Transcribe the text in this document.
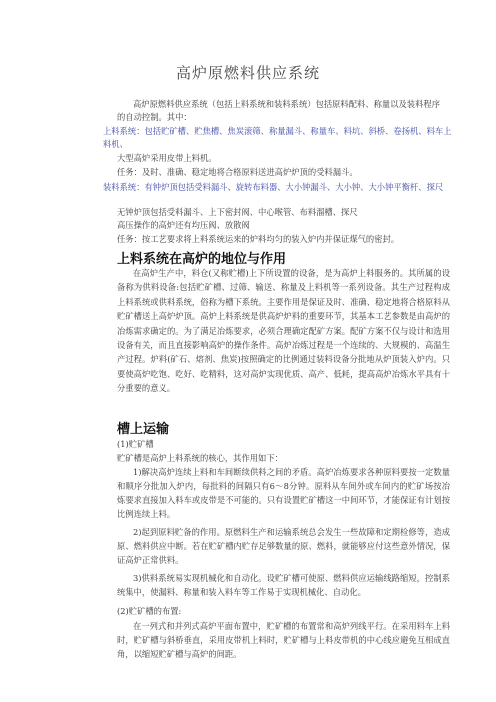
高炉原燃料供应系统

高炉原燃料供应系统（包括上料系统和装料系统）包括原料配料、称量以及装料程序的自动控制。其中：

上料系统：包括贮矿槽、贮焦槽、焦炭滚筛、称量漏斗、称量车、料坑、斜桥、卷扬机、料车上料机、

大型高炉采用皮带上料机。

任务：及时、准确、稳定地将合格原料送进高炉炉顶的受料漏斗。

装料系统：有钟炉顶包括受料漏斗、旋转布料器、大小钟漏斗、大小钟、大小钟平衡杆、探尺

无钟炉顶包括受料漏斗、上下密封阀、中心喉管、布料溜槽、探尺

高压操作的高炉还有均压阀、放散阀

任务：按工艺要求将上料系统运来的炉料均匀的装入炉内并保证煤气的密封。

上料系统在高炉的地位与作用

在高炉生产中，料仓(又称贮槽)上下所设置的设备，是为高炉上料服务的。其所属的设备称为供料设备:包括贮矿槽、过筛、输送、称量及上料机等一系列设备。其生产过程构成上料系统或供料系统，俗称为槽下系统。主要作用是保证及时、准确、稳定地将合格原料从贮矿槽送上高炉炉顶。高炉上料系统是供高炉炉料的重要环节，其基本工艺参数是由高炉的冶炼需求确定的。为了满足冶炼要求，必须合理确定配矿方案。配矿方案不仅与设计和选用设备有关，而且直接影响高炉的操作条件。高炉冶炼过程是一个连续的、大规模的、高温生产过程。炉料(矿石、熔剂、焦炭)按照确定的比例通过装料设备分批地从炉顶装入炉内。只要使高炉吃饱、吃好、吃精料，这对高炉实现优质、高产、低耗，提高高炉冶炼水平具有十分重要的意义。

槽上运输

(1)贮矿槽

贮矿槽是高炉上料系统的核心，其作用如下：

1)解决高炉连续上料和车间断续供料之间的矛盾。高炉冶炼要求各种原料要按一定数量和顺序分批加入炉内，每批料的间隔只有6～8分钟。原料从车间外或车间内的贮矿场按冶炼要求直接加入料车或皮带是不可能的。只有设置贮矿槽这一中间环节，才能保证有计划按比例连续上料。

2)起到原料贮备的作用。原燃料生产和运输系统总会发生一些故障和定期检修等，造成原、燃料供应中断。若在贮矿槽内贮存足够数量的原、燃料，就能够应付这些意外情况，保证高炉正常供料。

3)供料系统易实现机械化和自动化。设贮矿槽可使原、燃料供应运输线路缩短，控制系统集中，使漏料、称量和装入料车等工作易于实现机械化、自动化。

(2)贮矿槽的布置:

在一列式和并列式高炉平面布置中，贮矿槽的布置常和高炉列线平行。在采用料车上料时，贮矿槽与斜桥垂直，采用皮带机上料时，贮矿槽与上料皮带机的中心线应避免互相成直角，以缩短贮矿槽与高炉的间距。
